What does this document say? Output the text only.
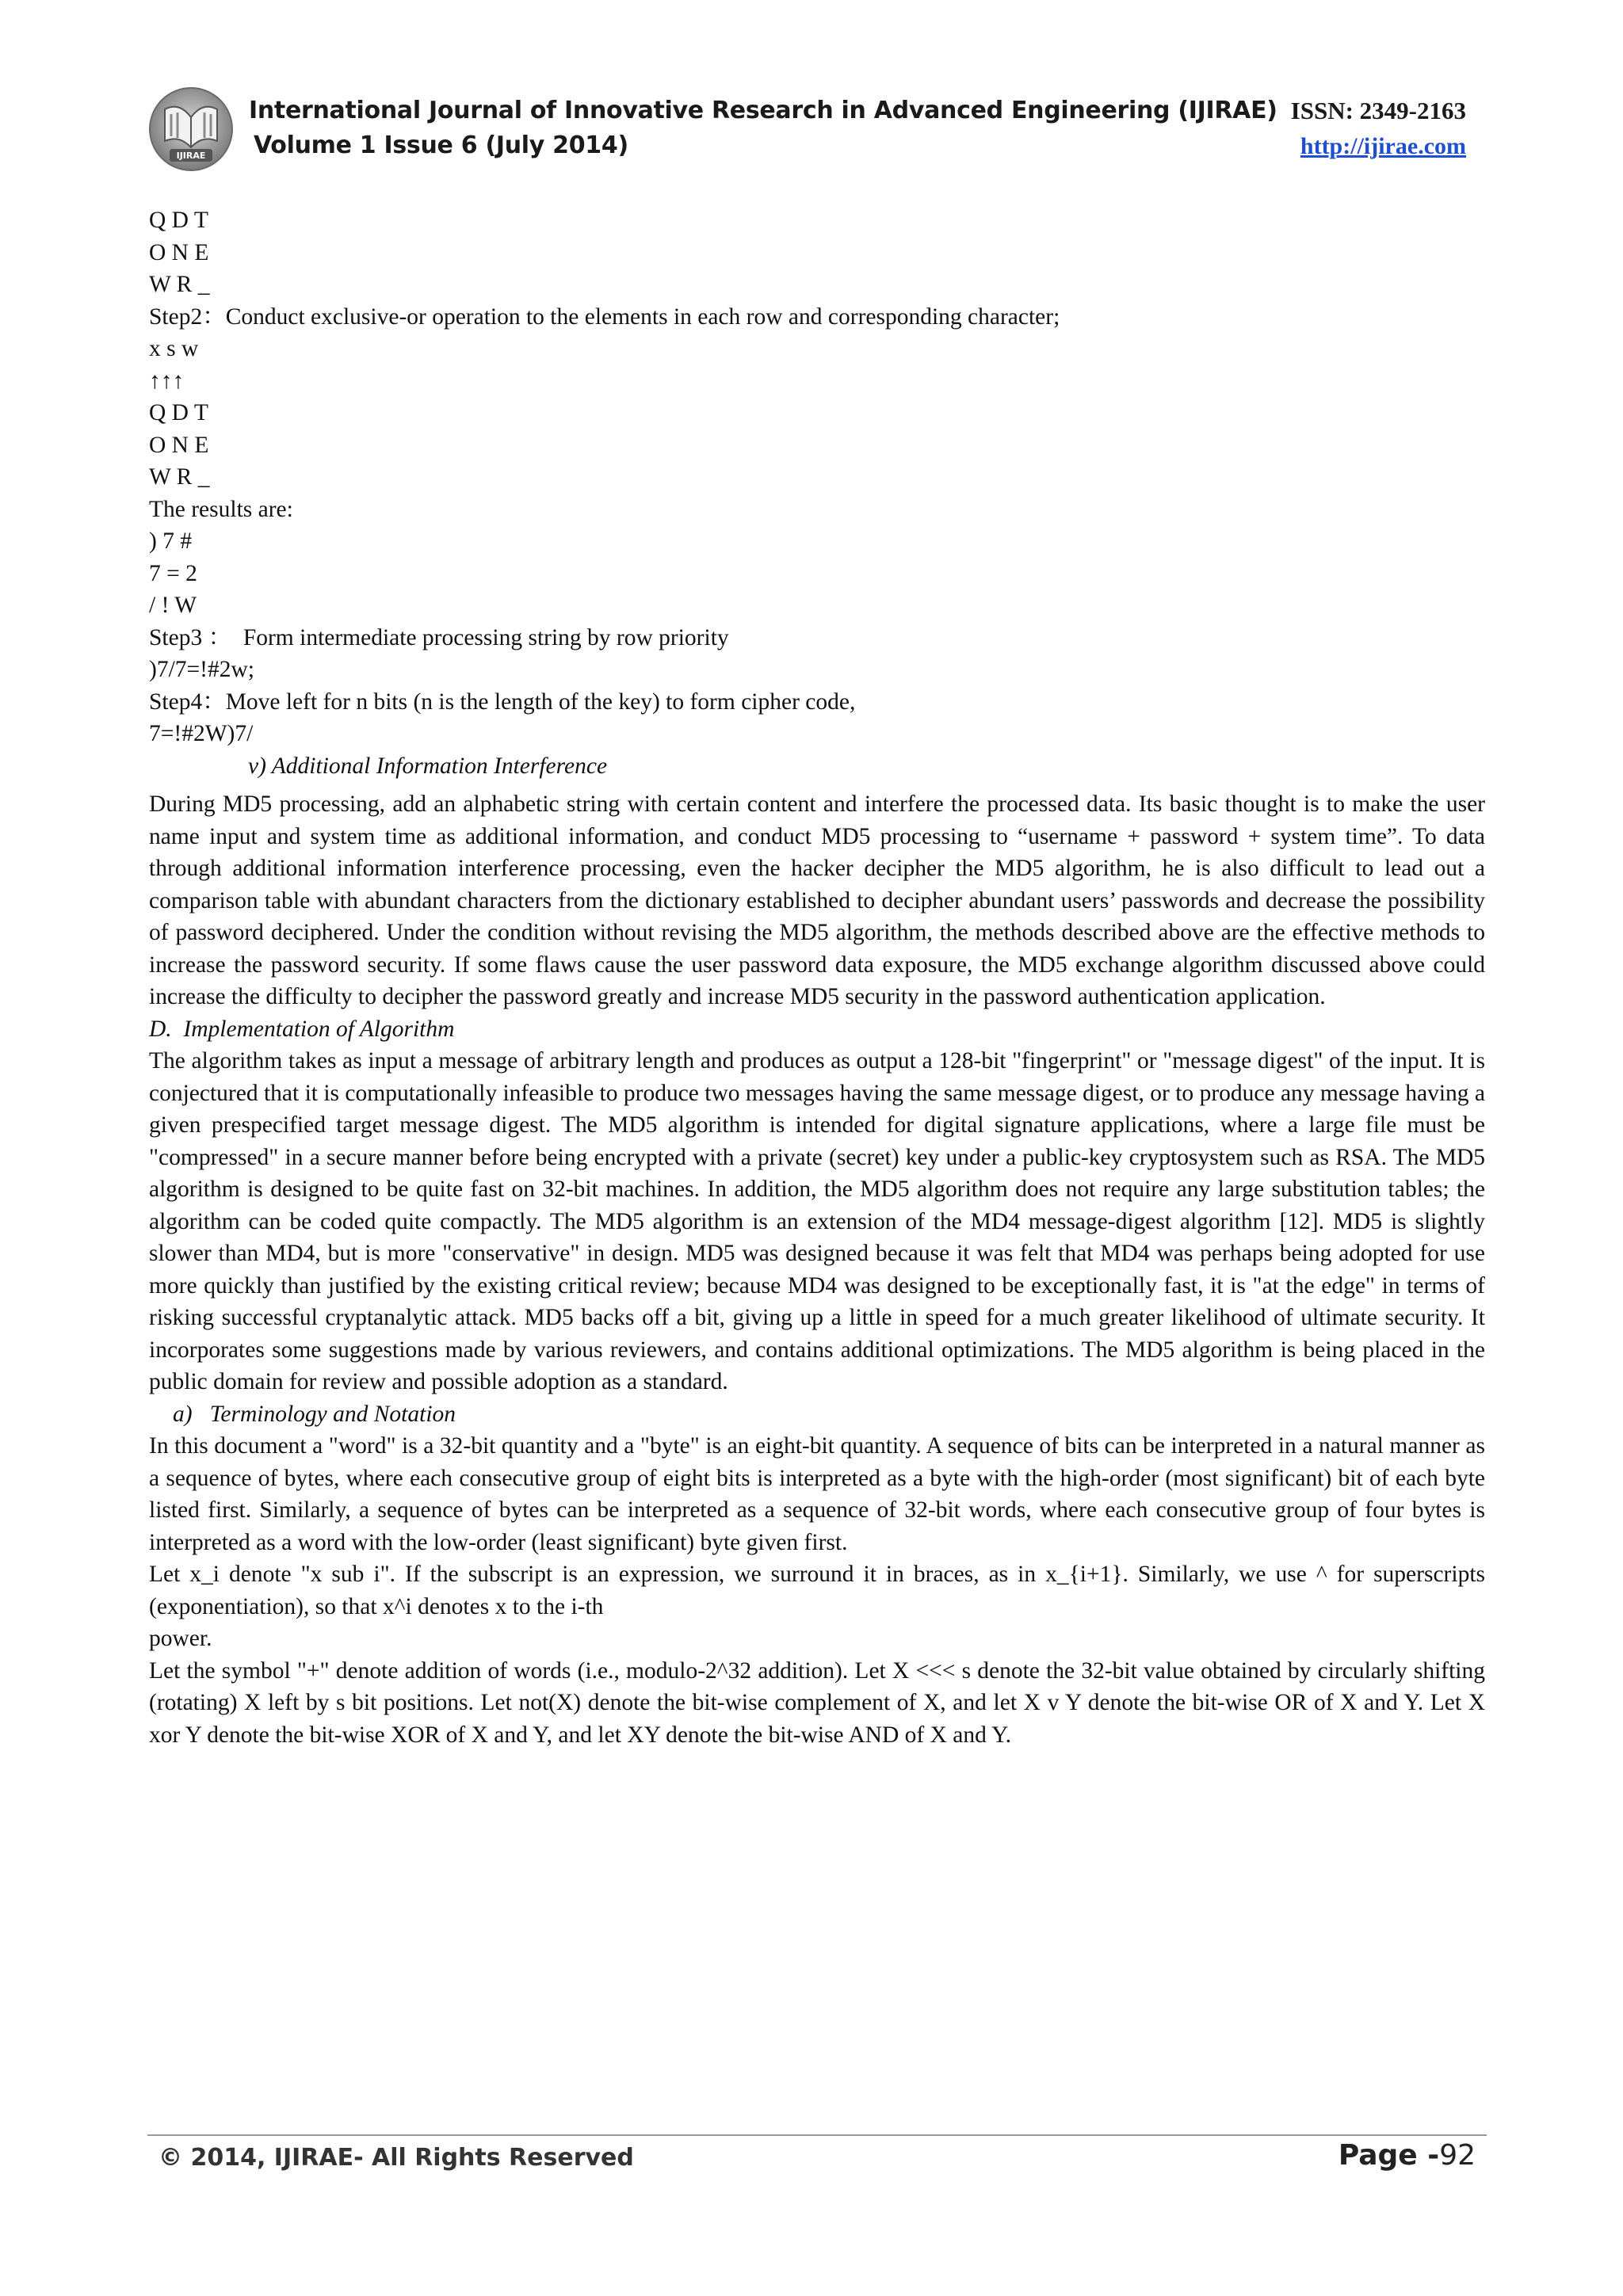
IJIRAE
International Journal of Innovative Research in Advanced Engineering (IJIRAE)
Volume 1 Issue 6 (July 2014)
ISSN: 2349-2163
http://ijirae.com
Q D T
O N E
W R _
Step2：Conduct exclusive-or operation to the elements in each row and corresponding character;
x s w
↑↑↑
Q D T
O N E
W R _
The results are:
) 7 #
7 = 2
/ ! W
Step3 ：  Form intermediate processing string by row priority
)7/7=!#2w;
Step4：Move left for n bits (n is the length of the key) to form cipher code,
7=!#2W)7/
v) Additional Information Interference

During MD5 processing, add an alphabetic string with certain content and interfere the processed data. Its basic thought is to make the user name input and system time as additional information, and conduct MD5 processing to “username + password + system time”. To data through additional information interference processing, even the hacker decipher the MD5 algorithm, he is also difficult to lead out a comparison table with abundant characters from the dictionary established to decipher abundant users’ passwords and decrease the possibility of password deciphered. Under the condition without revising the MD5 algorithm, the methods described above are the effective methods to increase the password security. If some flaws cause the user password data exposure, the MD5 exchange algorithm discussed above could increase the difficulty to decipher the password greatly and increase MD5 security in the password authentication application.

D.  Implementation of Algorithm

The algorithm takes as input a message of arbitrary length and produces as output a 128-bit "fingerprint" or "message digest" of the input. It is conjectured that it is computationally infeasible to produce two messages having the same message digest, or to produce any message having a given prespecified target message digest. The MD5 algorithm is intended for digital signature applications, where a large file must be "compressed" in a secure manner before being encrypted with a private (secret) key under a public-key cryptosystem such as RSA. The MD5 algorithm is designed to be quite fast on 32-bit machines. In addition, the MD5 algorithm does not require any large substitution tables; the algorithm can be coded quite compactly. The MD5 algorithm is an extension of the MD4 message-digest algorithm [12]. MD5 is slightly slower than MD4, but is more "conservative" in design. MD5 was designed because it was felt that MD4 was perhaps being adopted for use more quickly than justified by the existing critical review; because MD4 was designed to be exceptionally fast, it is "at the edge" in terms of risking successful cryptanalytic attack. MD5 backs off a bit, giving up a little in speed for a much greater likelihood of ultimate security. It incorporates some suggestions made by various reviewers, and contains additional optimizations. The MD5 algorithm is being placed in the public domain for review and possible adoption as a standard.

a)   Terminology and Notation

In this document a "word" is a 32-bit quantity and a "byte" is an eight-bit quantity. A sequence of bits can be interpreted in a natural manner as a sequence of bytes, where each consecutive group of eight bits is interpreted as a byte with the high-order (most significant) bit of each byte listed first. Similarly, a sequence of bytes can be interpreted as a sequence of 32-bit words, where each consecutive group of four bytes is interpreted as a word with the low-order (least significant) byte given first.

Let x_i denote "x sub i". If the subscript is an expression, we surround it in braces, as in x_{i+1}. Similarly, we use ^ for superscripts (exponentiation), so that x^i denotes x to the i-th

power.

Let the symbol "+" denote addition of words (i.e., modulo-2^32 addition). Let X <<< s denote the 32-bit value obtained by circularly shifting (rotating) X left by s bit positions. Let not(X) denote the bit-wise complement of X, and let X v Y denote the bit-wise OR of X and Y. Let X xor Y denote the bit-wise XOR of X and Y, and let XY denote the bit-wise AND of X and Y.

© 2014, IJIRAE- All Rights Reserved	Page -92
